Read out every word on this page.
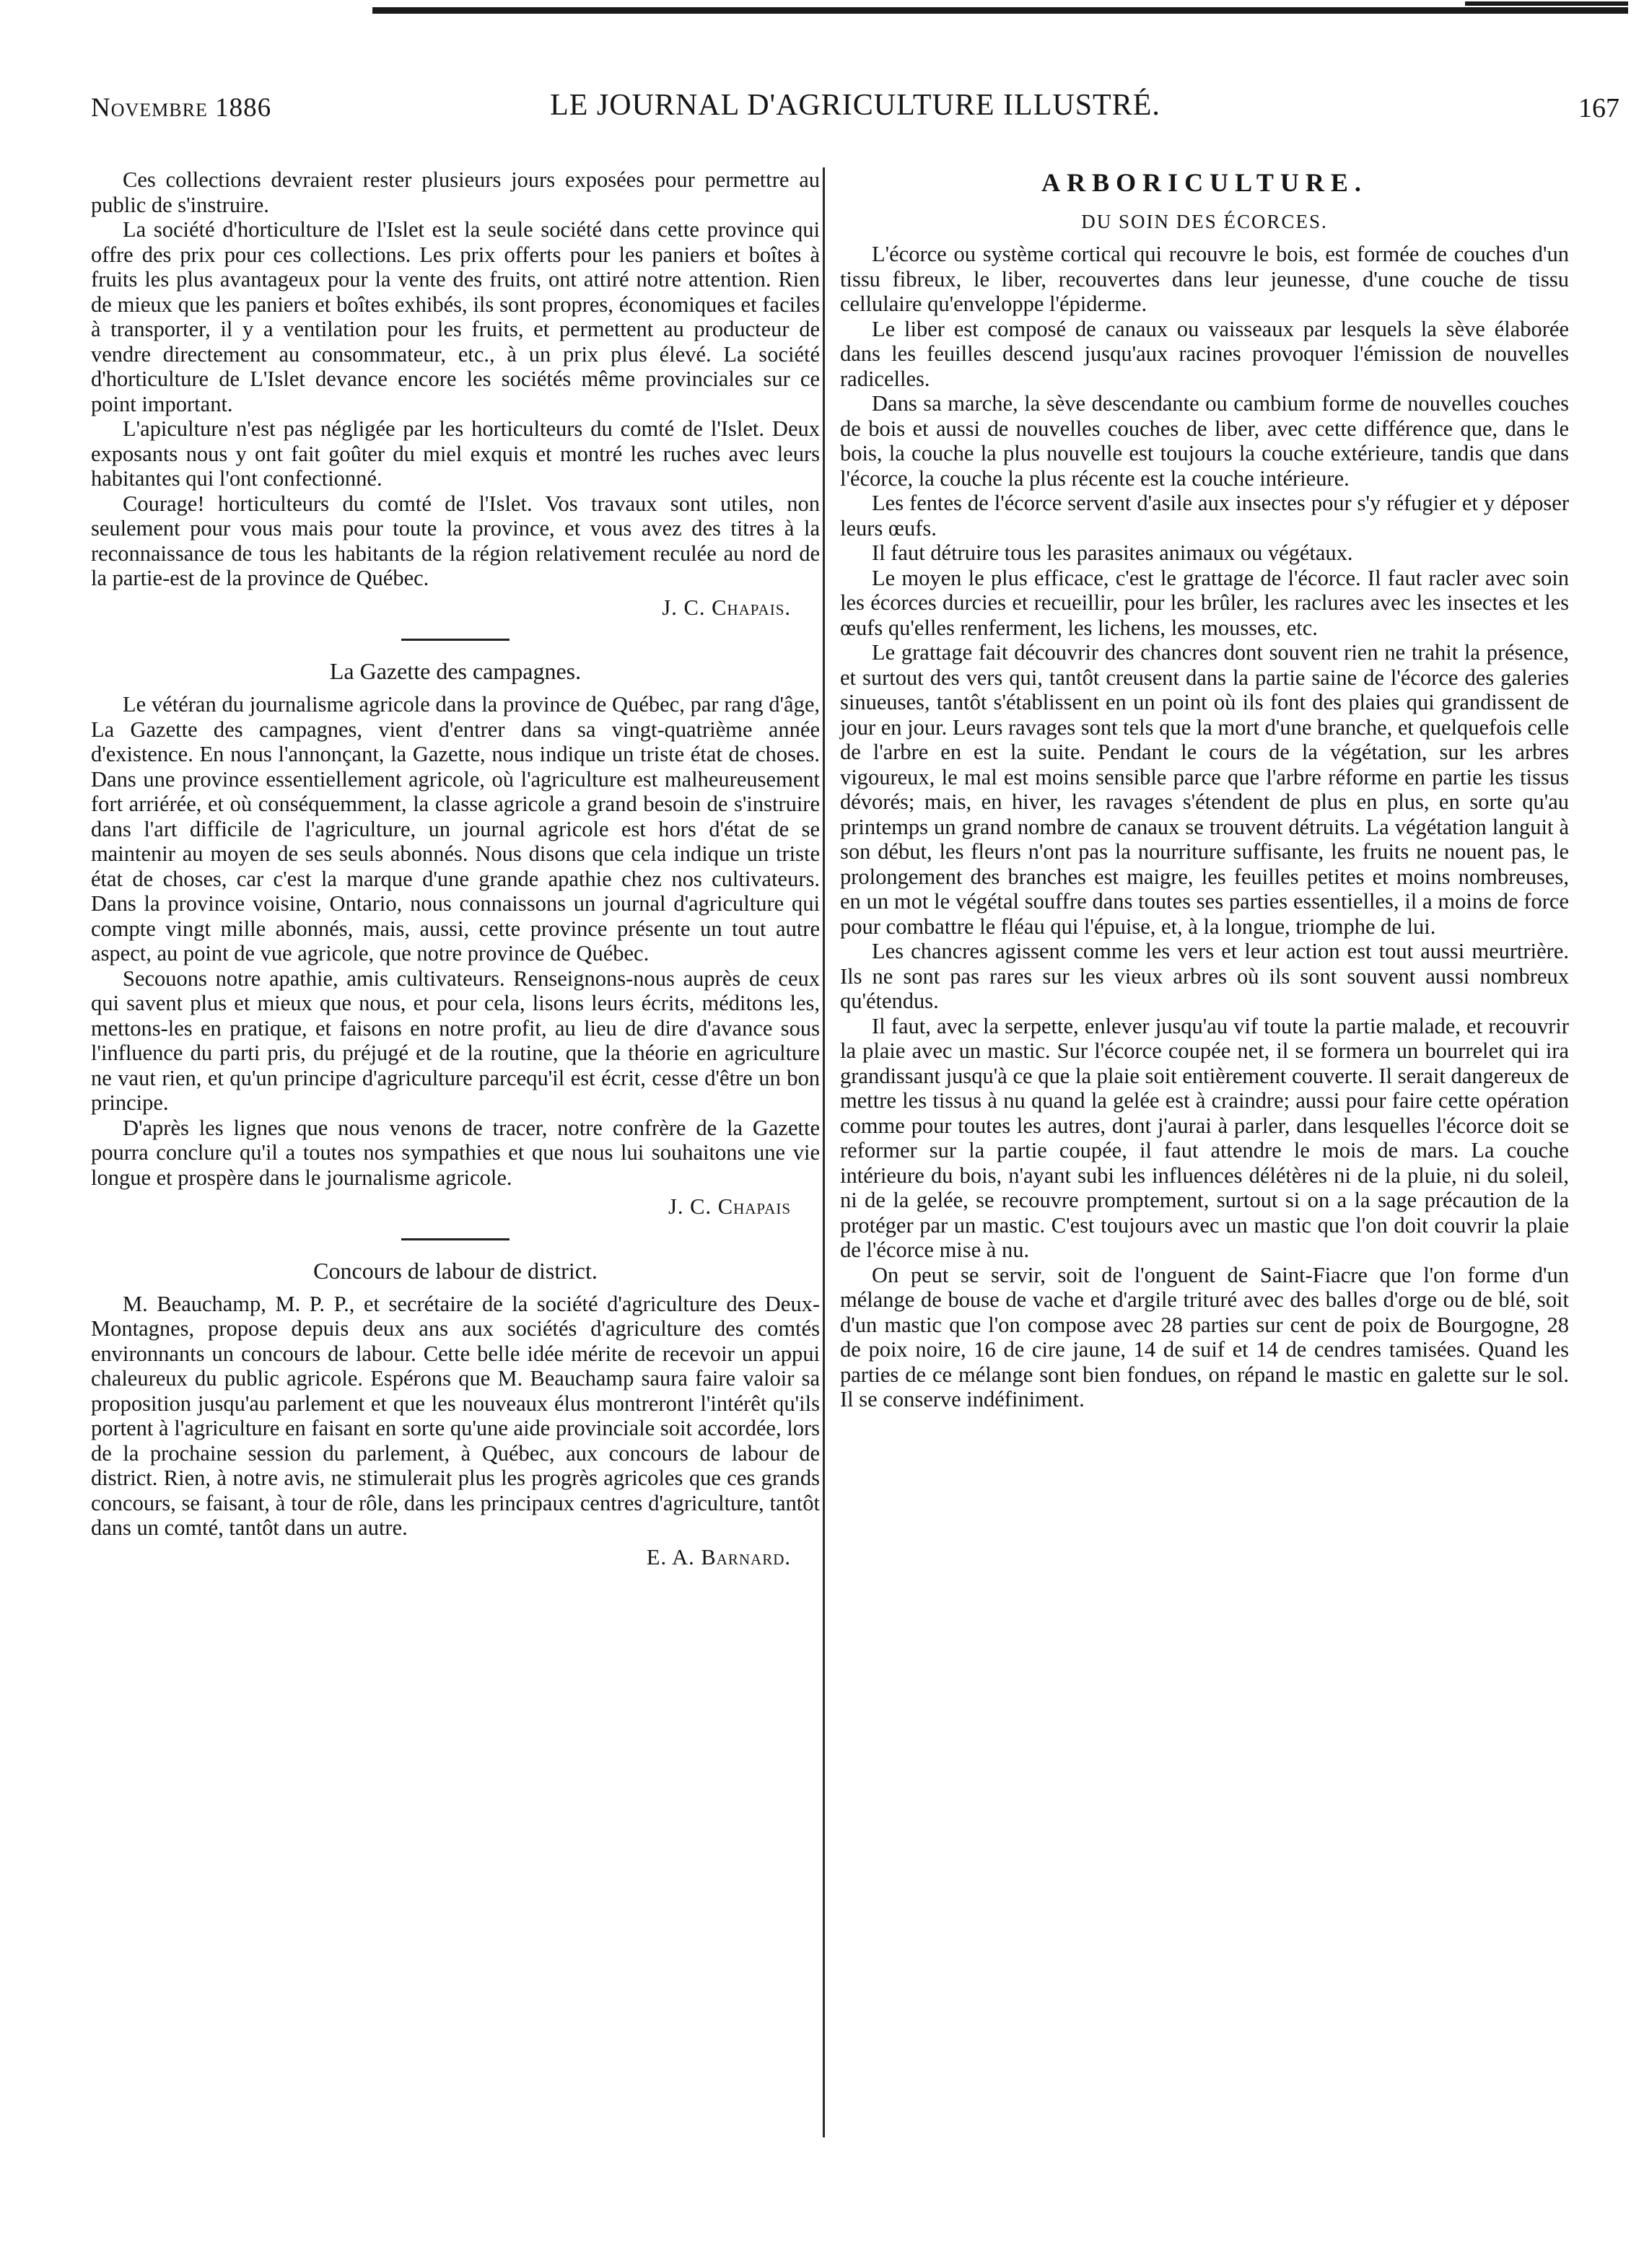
Novembre 1886	LE JOURNAL D'AGRICULTURE ILLUSTRÉ.	167

Ces collections devraient rester plusieurs jours exposées pour permettre au public de s'instruire.

La société d'horticulture de l'Islet est la seule société dans cette province qui offre des prix pour ces collections. Les prix offerts pour les paniers et boîtes à fruits les plus avantageux pour la vente des fruits, ont attiré notre attention. Rien de mieux que les paniers et boîtes exhibés, ils sont propres, économiques et faciles à transporter, il y a ventilation pour les fruits, et permettent au producteur de vendre directement au consommateur, etc., à un prix plus élevé. La société d'horticulture de L'Islet devance encore les sociétés même provinciales sur ce point important.

L'apiculture n'est pas négligée par les horticulteurs du comté de l'Islet. Deux exposants nous y ont fait goûter du miel exquis et montré les ruches avec leurs habitantes qui l'ont confectionné.

Courage! horticulteurs du comté de l'Islet. Vos travaux sont utiles, non seulement pour vous mais pour toute la province, et vous avez des titres à la reconnaissance de tous les habitants de la région relativement reculée au nord de la partie-est de la province de Québec.

J. C. Chapais.

La Gazette des campagnes.

Le vétéran du journalisme agricole dans la province de Québec, par rang d'âge, La Gazette des campagnes, vient d'entrer dans sa vingt-quatrième année d'existence. En nous l'annonçant, la Gazette, nous indique un triste état de choses. Dans une province essentiellement agricole, où l'agriculture est malheureusement fort arriérée, et où conséquemment, la classe agricole a grand besoin de s'instruire dans l'art difficile de l'agriculture, un journal agricole est hors d'état de se maintenir au moyen de ses seuls abonnés. Nous disons que cela indique un triste état de choses, car c'est la marque d'une grande apathie chez nos cultivateurs. Dans la province voisine, Ontario, nous connaissons un journal d'agriculture qui compte vingt mille abonnés, mais, aussi, cette province présente un tout autre aspect, au point de vue agricole, que notre province de Québec.

Secouons notre apathie, amis cultivateurs. Renseignons-nous auprès de ceux qui savent plus et mieux que nous, et pour cela, lisons leurs écrits, méditons les, mettons-les en pratique, et faisons en notre profit, au lieu de dire d'avance sous l'influence du parti pris, du préjugé et de la routine, que la théorie en agriculture ne vaut rien, et qu'un principe d'agriculture parcequ'il est écrit, cesse d'être un bon principe.

D'après les lignes que nous venons de tracer, notre confrère de la Gazette pourra conclure qu'il a toutes nos sympathies et que nous lui souhaitons une vie longue et prospère dans le journalisme agricole.

J. C. Chapais

Concours de labour de district.

M. Beauchamp, M. P. P., et secrétaire de la société d'agriculture des Deux-Montagnes, propose depuis deux ans aux sociétés d'agriculture des comtés environnants un concours de labour. Cette belle idée mérite de recevoir un appui chaleureux du public agricole. Espérons que M. Beauchamp saura faire valoir sa proposition jusqu'au parlement et que les nouveaux élus montreront l'intérêt qu'ils portent à l'agriculture en faisant en sorte qu'une aide provinciale soit accordée, lors de la prochaine session du parlement, à Québec, aux concours de labour de district. Rien, à notre avis, ne stimulerait plus les progrès agricoles que ces grands concours, se faisant, à tour de rôle, dans les principaux centres d'agriculture, tantôt dans un comté, tantôt dans un autre.

E. A. Barnard.

ARBORICULTURE.
DU SOIN DES ÉCORCES.

L'écorce ou système cortical qui recouvre le bois, est formée de couches d'un tissu fibreux, le liber, recouvertes dans leur jeunesse, d'une couche de tissu cellulaire qu'enveloppe l'épiderme.

Le liber est composé de canaux ou vaisseaux par lesquels la sève élaborée dans les feuilles descend jusqu'aux racines provoquer l'émission de nouvelles radicelles.

Dans sa marche, la sève descendante ou cambium forme de nouvelles couches de bois et aussi de nouvelles couches de liber, avec cette différence que, dans le bois, la couche la plus nouvelle est toujours la couche extérieure, tandis que dans l'écorce, la couche la plus récente est la couche intérieure.

Les fentes de l'écorce servent d'asile aux insectes pour s'y réfugier et y déposer leurs œufs.

Il faut détruire tous les parasites animaux ou végétaux.

Le moyen le plus efficace, c'est le grattage de l'écorce. Il faut racler avec soin les écorces durcies et recueillir, pour les brûler, les raclures avec les insectes et les œufs qu'elles renferment, les lichens, les mousses, etc.

Le grattage fait découvrir des chancres dont souvent rien ne trahit la présence, et surtout des vers qui, tantôt creusent dans la partie saine de l'écorce des galeries sinueuses, tantôt s'établissent en un point où ils font des plaies qui grandissent de jour en jour. Leurs ravages sont tels que la mort d'une branche, et quelquefois celle de l'arbre en est la suite. Pendant le cours de la végétation, sur les arbres vigoureux, le mal est moins sensible parce que l'arbre réforme en partie les tissus dévorés; mais, en hiver, les ravages s'étendent de plus en plus, en sorte qu'au printemps un grand nombre de canaux se trouvent détruits. La végétation languit à son début, les fleurs n'ont pas la nourriture suffisante, les fruits ne nouent pas, le prolongement des branches est maigre, les feuilles petites et moins nombreuses, en un mot le végétal souffre dans toutes ses parties essentielles, il a moins de force pour combattre le fléau qui l'épuise, et, à la longue, triomphe de lui.

Les chancres agissent comme les vers et leur action est tout aussi meurtrière. Ils ne sont pas rares sur les vieux arbres où ils sont souvent aussi nombreux qu'étendus.

Il faut, avec la serpette, enlever jusqu'au vif toute la partie malade, et recouvrir la plaie avec un mastic. Sur l'écorce coupée net, il se formera un bourrelet qui ira grandissant jusqu'à ce que la plaie soit entièrement couverte. Il serait dangereux de mettre les tissus à nu quand la gelée est à craindre; aussi pour faire cette opération comme pour toutes les autres, dont j'aurai à parler, dans lesquelles l'écorce doit se reformer sur la partie coupée, il faut attendre le mois de mars. La couche intérieure du bois, n'ayant subi les influences délétères ni de la pluie, ni du soleil, ni de la gelée, se recouvre promptement, surtout si on a la sage précaution de la protéger par un mastic. C'est toujours avec un mastic que l'on doit couvrir la plaie de l'écorce mise à nu.

On peut se servir, soit de l'onguent de Saint-Fiacre que l'on forme d'un mélange de bouse de vache et d'argile trituré avec des balles d'orge ou de blé, soit d'un mastic que l'on compose avec 28 parties sur cent de poix de Bourgogne, 28 de poix noire, 16 de cire jaune, 14 de suif et 14 de cendres tamisées. Quand les parties de ce mélange sont bien fondues, on répand le mastic en galette sur le sol. Il se conserve indéfiniment.
